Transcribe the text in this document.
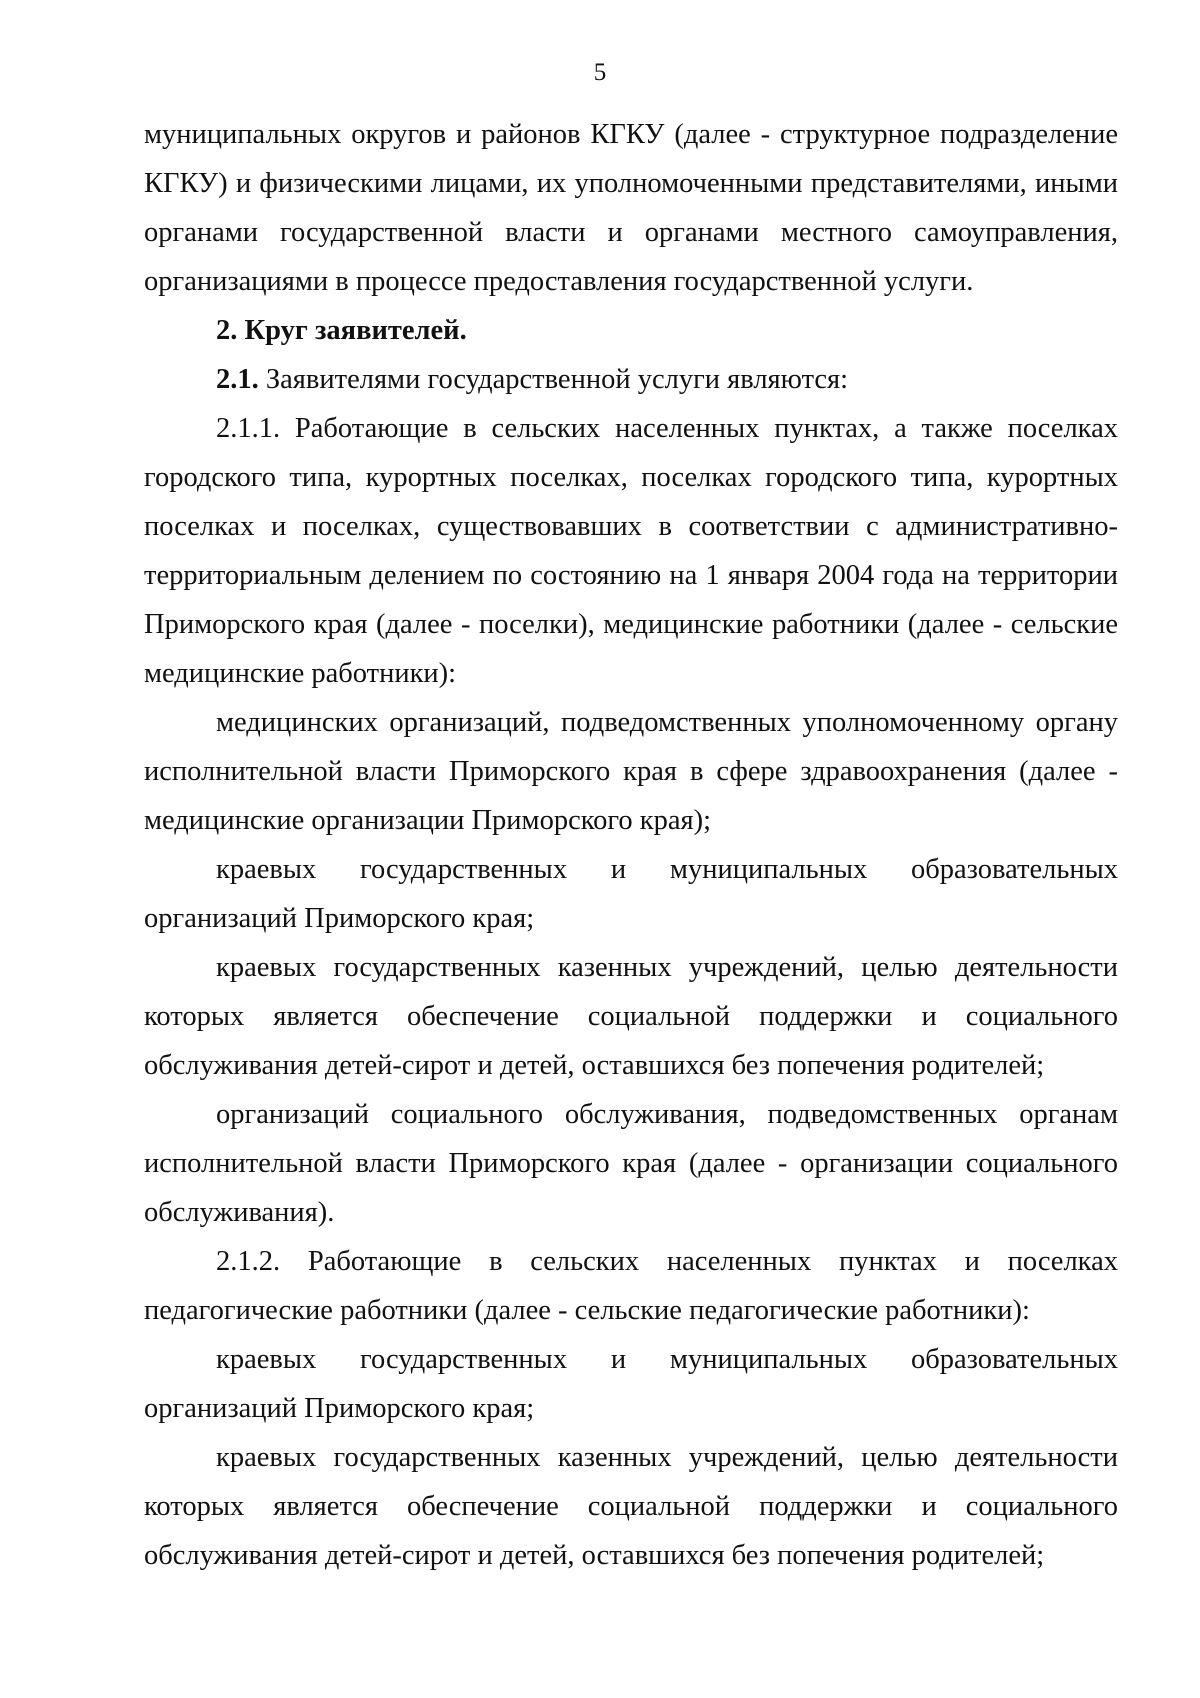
5

муниципальных округов и районов КГКУ (далее - структурное подразделение КГКУ) и физическими лицами, их уполномоченными представителями, иными органами государственной власти и органами местного самоуправления, организациями в процессе предоставления государственной услуги.

2. Круг заявителей.

2.1. Заявителями государственной услуги являются:

2.1.1. Работающие в сельских населенных пунктах, а также поселках городского типа, курортных поселках, поселках городского типа, курортных поселках и поселках, существовавших в соответствии с административно-территориальным делением по состоянию на 1 января 2004 года на территории Приморского края (далее - поселки), медицинские работники (далее - сельские медицинские работники):

медицинских организаций, подведомственных уполномоченному органу исполнительной власти Приморского края в сфере здравоохранения (далее - медицинские организации Приморского края);

краевых государственных и муниципальных образовательных организаций Приморского края;

краевых государственных казенных учреждений, целью деятельности которых является обеспечение социальной поддержки и социального обслуживания детей-сирот и детей, оставшихся без попечения родителей;

организаций социального обслуживания, подведомственных органам исполнительной власти Приморского края (далее - организации социального обслуживания).

2.1.2. Работающие в сельских населенных пунктах и поселках педагогические работники (далее - сельские педагогические работники):

краевых государственных и муниципальных образовательных организаций Приморского края;

краевых государственных казенных учреждений, целью деятельности которых является обеспечение социальной поддержки и социального обслуживания детей-сирот и детей, оставшихся без попечения родителей;
